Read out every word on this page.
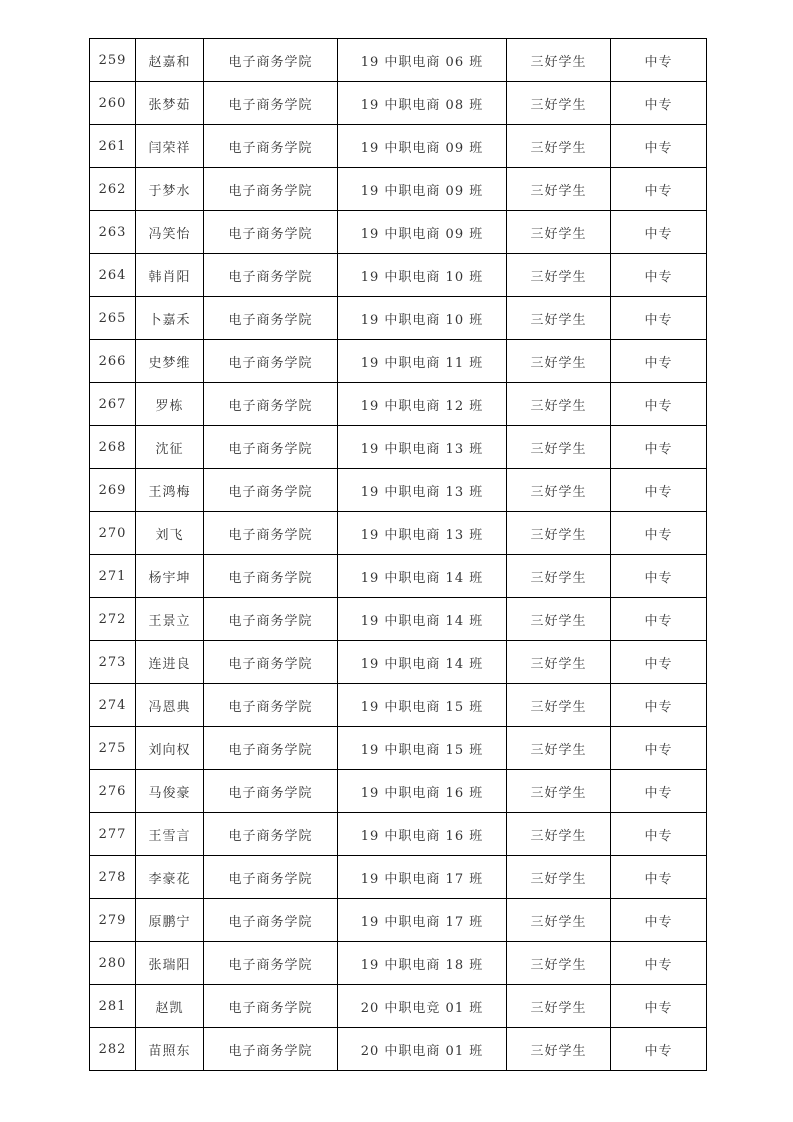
259	赵嘉和	电子商务学院	19 中职电商 06 班	三好学生	中专
260	张梦茹	电子商务学院	19 中职电商 08 班	三好学生	中专
261	闫荣祥	电子商务学院	19 中职电商 09 班	三好学生	中专
262	于梦水	电子商务学院	19 中职电商 09 班	三好学生	中专
263	冯笑怡	电子商务学院	19 中职电商 09 班	三好学生	中专
264	韩肖阳	电子商务学院	19 中职电商 10 班	三好学生	中专
265	卜嘉禾	电子商务学院	19 中职电商 10 班	三好学生	中专
266	史梦维	电子商务学院	19 中职电商 11 班	三好学生	中专
267	罗栋	电子商务学院	19 中职电商 12 班	三好学生	中专
268	沈征	电子商务学院	19 中职电商 13 班	三好学生	中专
269	王鸿梅	电子商务学院	19 中职电商 13 班	三好学生	中专
270	刘飞	电子商务学院	19 中职电商 13 班	三好学生	中专
271	杨宇坤	电子商务学院	19 中职电商 14 班	三好学生	中专
272	王景立	电子商务学院	19 中职电商 14 班	三好学生	中专
273	连进良	电子商务学院	19 中职电商 14 班	三好学生	中专
274	冯恩典	电子商务学院	19 中职电商 15 班	三好学生	中专
275	刘向权	电子商务学院	19 中职电商 15 班	三好学生	中专
276	马俊豪	电子商务学院	19 中职电商 16 班	三好学生	中专
277	王雪言	电子商务学院	19 中职电商 16 班	三好学生	中专
278	李豪花	电子商务学院	19 中职电商 17 班	三好学生	中专
279	原鹏宁	电子商务学院	19 中职电商 17 班	三好学生	中专
280	张瑞阳	电子商务学院	19 中职电商 18 班	三好学生	中专
281	赵凯	电子商务学院	20 中职电竞 01 班	三好学生	中专
282	苗照东	电子商务学院	20 中职电商 01 班	三好学生	中专
